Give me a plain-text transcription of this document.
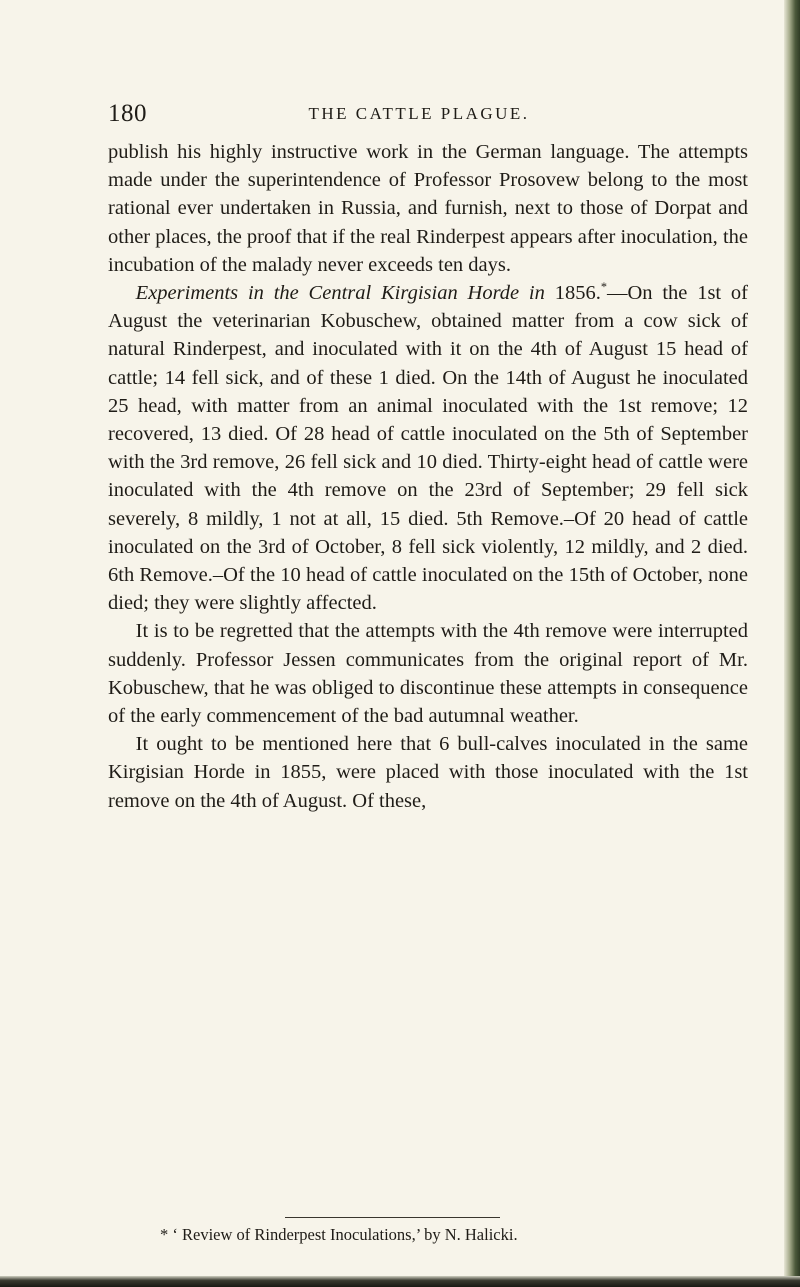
180	THE CATTLE PLAGUE.

publish his highly instructive work in the German language. The attempts made under the superintendence of Professor Prosovew belong to the most rational ever undertaken in Russia, and furnish, next to those of Dorpat and other places, the proof that if the real Rinderpest appears after inoculation, the incubation of the malady never exceeds ten days.

Experiments in the Central Kirgisian Horde in 1856.*—On the 1st of August the veterinarian Kobuschew, obtained matter from a cow sick of natural Rinderpest, and inoculated with it on the 4th of August 15 head of cattle; 14 fell sick, and of these 1 died. On the 14th of August he inoculated 25 head, with matter from an animal inoculated with the 1st remove; 12 recovered, 13 died. Of 28 head of cattle inoculated on the 5th of September with the 3rd remove, 26 fell sick and 10 died. Thirty-eight head of cattle were inoculated with the 4th remove on the 23rd of September; 29 fell sick severely, 8 mildly, 1 not at all, 15 died. 5th Remove.–Of 20 head of cattle inoculated on the 3rd of October, 8 fell sick violently, 12 mildly, and 2 died. 6th Remove.–Of the 10 head of cattle inoculated on the 15th of October, none died; they were slightly affected.

It is to be regretted that the attempts with the 4th remove were interrupted suddenly. Professor Jessen communicates from the original report of Mr. Kobuschew, that he was obliged to discontinue these attempts in consequence of the early commencement of the bad autumnal weather.

It ought to be mentioned here that 6 bull-calves inoculated in the same Kirgisian Horde in 1855, were placed with those inoculated with the 1st remove on the 4th of August. Of these,

* ‘ Review of Rinderpest Inoculations,’ by N. Halicki.
